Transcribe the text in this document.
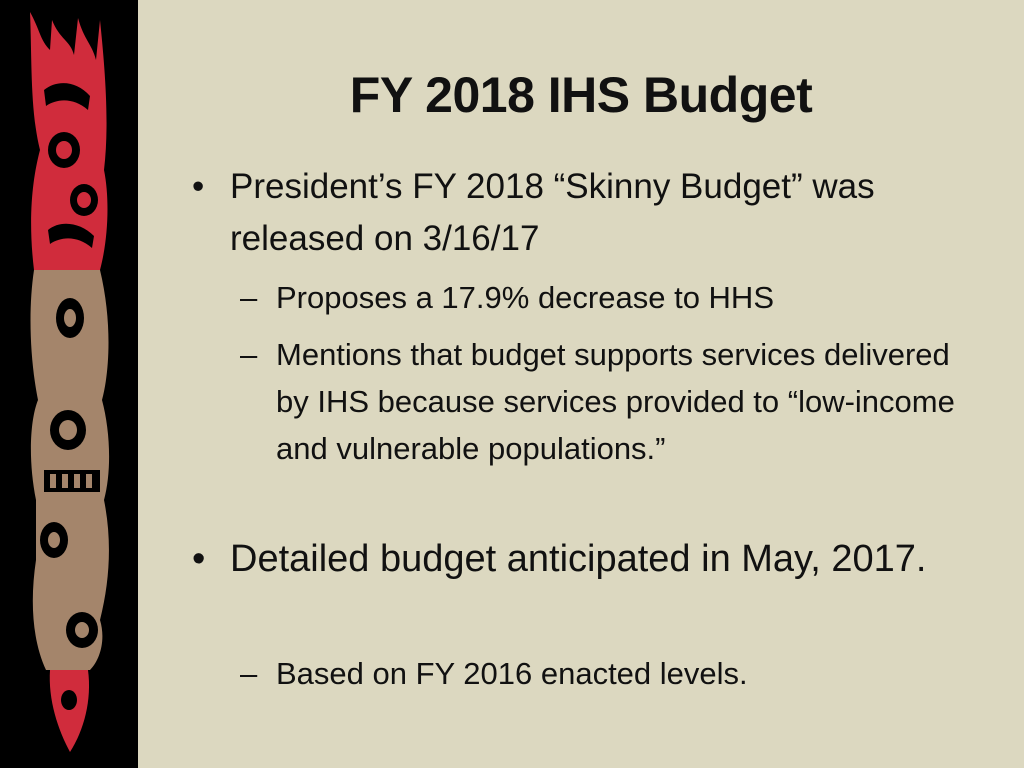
FY 2018 IHS Budget
• President’s FY 2018 “Skinny Budget” was released on 3/16/17
– Proposes a 17.9% decrease to HHS
– Mentions that budget supports services delivered by IHS because services provided to “low-income and vulnerable populations.”
• Detailed budget anticipated in May, 2017.
– Based on FY 2016 enacted levels.
